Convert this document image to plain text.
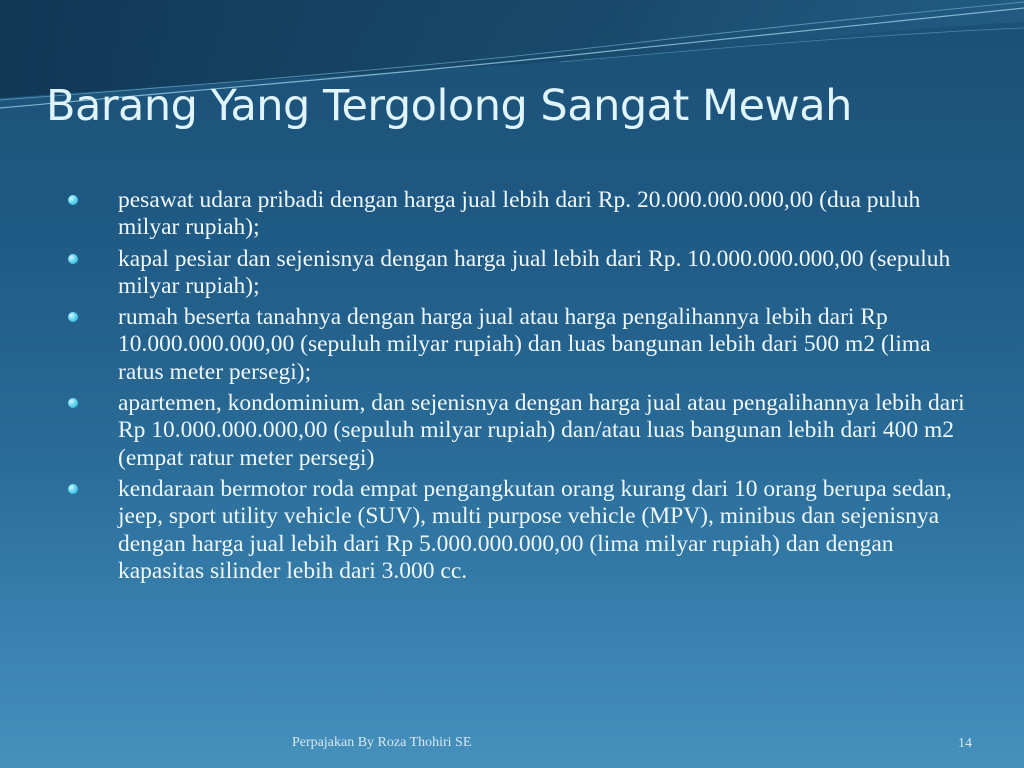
Barang Yang Tergolong Sangat Mewah
pesawat udara pribadi dengan harga jual lebih dari Rp. 20.000.000.000,00 (dua puluh milyar rupiah);
kapal pesiar dan sejenisnya dengan harga jual lebih dari Rp. 10.000.000.000,00 (sepuluh milyar rupiah);
rumah beserta tanahnya dengan harga jual atau harga pengalihannya lebih dari Rp 10.000.000.000,00 (sepuluh milyar rupiah) dan luas bangunan lebih dari 500 m2 (lima ratus meter persegi);
apartemen, kondominium, dan sejenisnya dengan harga jual atau pengalihannya lebih dari Rp 10.000.000.000,00 (sepuluh milyar rupiah) dan/atau luas bangunan lebih dari 400 m2 (empat ratur meter persegi)
kendaraan bermotor roda empat pengangkutan orang kurang dari 10 orang berupa sedan, jeep, sport utility vehicle (SUV), multi purpose vehicle (MPV), minibus dan sejenisnya dengan harga jual lebih dari Rp 5.000.000.000,00 (lima milyar rupiah) dan dengan kapasitas silinder lebih dari 3.000 cc.
Perpajakan By Roza Thohiri SE	14
